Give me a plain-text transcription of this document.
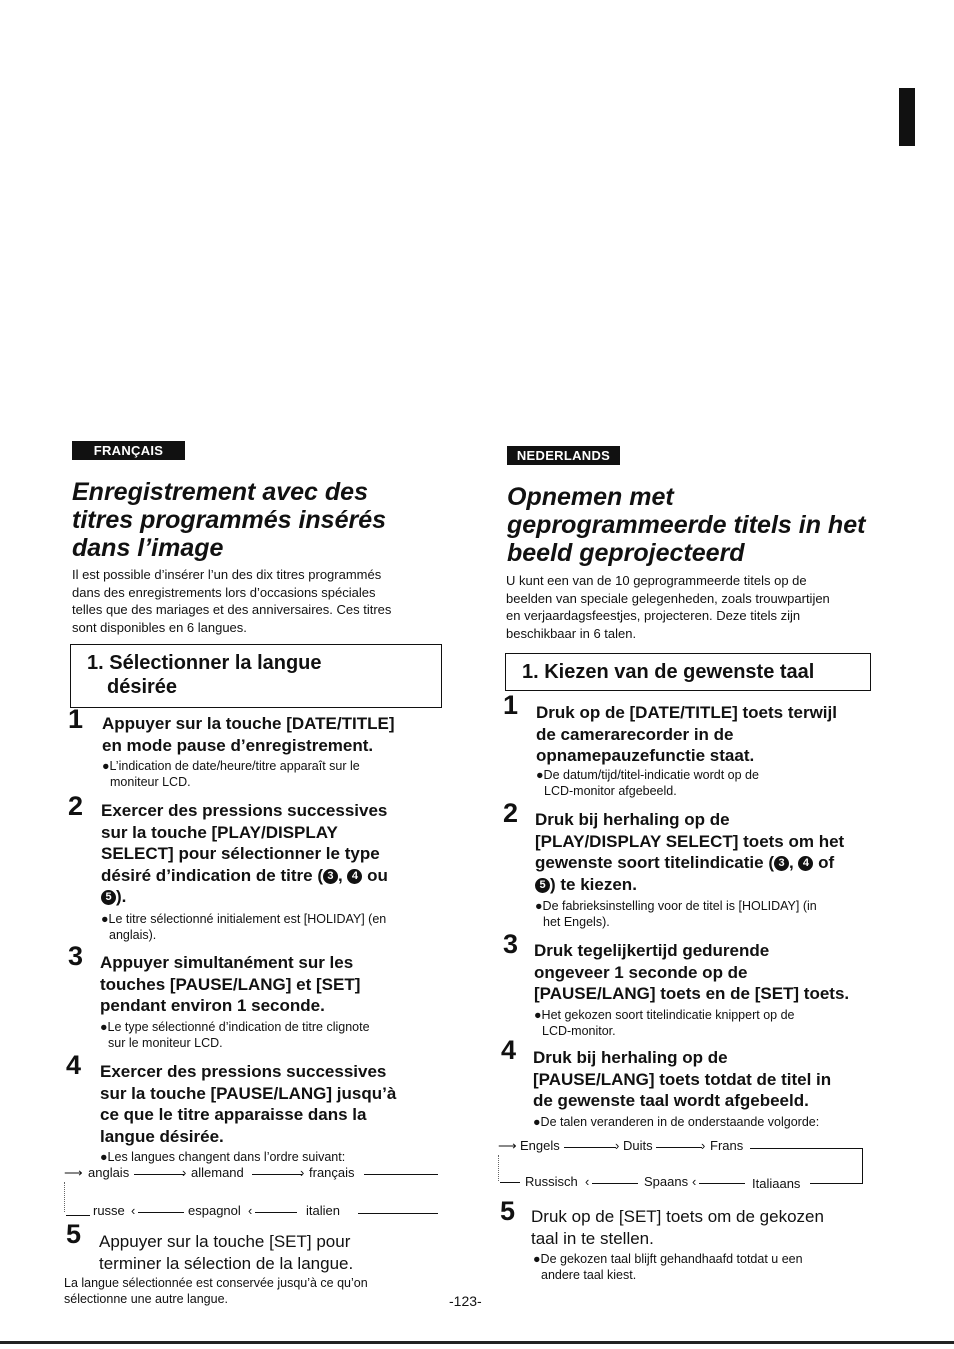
FRANÇAIS
Enregistrement avec des
titres programmés insérés
dans l’image
Il est possible d’insérer l’un des dix titres programmés
dans des enregistrements lors d’occasions spéciales
telles que des mariages et des anniversaires. Ces titres
sont disponibles en 6 langues.
1. Sélectionner la langue
désirée
1 Appuyer sur la touche [DATE/TITLE]
en mode pause d’enregistrement.
●L’indication de date/heure/titre apparaît sur le
moniteur LCD.
2 Exercer des pressions successives
sur la touche [PLAY/DISPLAY
SELECT] pour sélectionner le type
désiré d’indication de titre ( 3 , 4 ou
5 ).
●Le titre sélectionné initialement est [HOLIDAY] (en
anglais).
3 Appuyer simultanément sur les
touches [PAUSE/LANG] et [SET]
pendant environ 1 seconde.
●Le type sélectionné d’indication de titre clignote
sur le moniteur LCD.
4 Exercer des pressions successives
sur la touche [PAUSE/LANG] jusqu’à
ce que le titre apparaisse dans la
langue désirée.
●Les langues changent dans l’ordre suivant:
⟶ anglais	› allemand	› français
russe ‹	espagnol ‹	italien
5 Appuyer sur la touche [SET] pour
terminer la sélection de la langue.
La langue sélectionnée est conservée jusqu’à ce qu’on
sélectionne une autre langue.
NEDERLANDS
Opnemen met
geprogrammeerde titels in het
beeld geprojecteerd
U kunt een van de 10 geprogrammeerde titels op de
beelden van speciale gelegenheden, zoals trouwpartijen
en verjaardagsfeestjes, projecteren. Deze titels zijn
beschikbaar in 6 talen.
1. Kiezen van de gewenste taal
1 Druk op de [DATE/TITLE] toets terwijl
de camerarecorder in de
opnamepauzefunctie staat.
●De datum/tijd/titel-indicatie wordt op de
LCD-monitor afgebeeld.
2 Druk bij herhaling op de
[PLAY/DISPLAY SELECT] toets om het
gewenste soort titelindicatie ( 3 , 4 of
5 ) te kiezen.
●De fabrieksinstelling voor de titel is [HOLIDAY] (in
het Engels).
3 Druk tegelijkertijd gedurende
ongeveer 1 seconde op de
[PAUSE/LANG] toets en de [SET] toets.
●Het gekozen soort titelindicatie knippert op de
LCD-monitor.
4 Druk bij herhaling op de
[PAUSE/LANG] toets totdat de titel in
de gewenste taal wordt afgebeeld.
●De talen veranderen in de onderstaande volgorde:
⟶ Engels	› Duits	› Frans
Russisch ‹	Spaans ‹	Italiaans
5 Druk op de [SET] toets om de gekozen
taal in te stellen.
●De gekozen taal blijft gehandhaafd totdat u een
andere taal kiest.
-123-
